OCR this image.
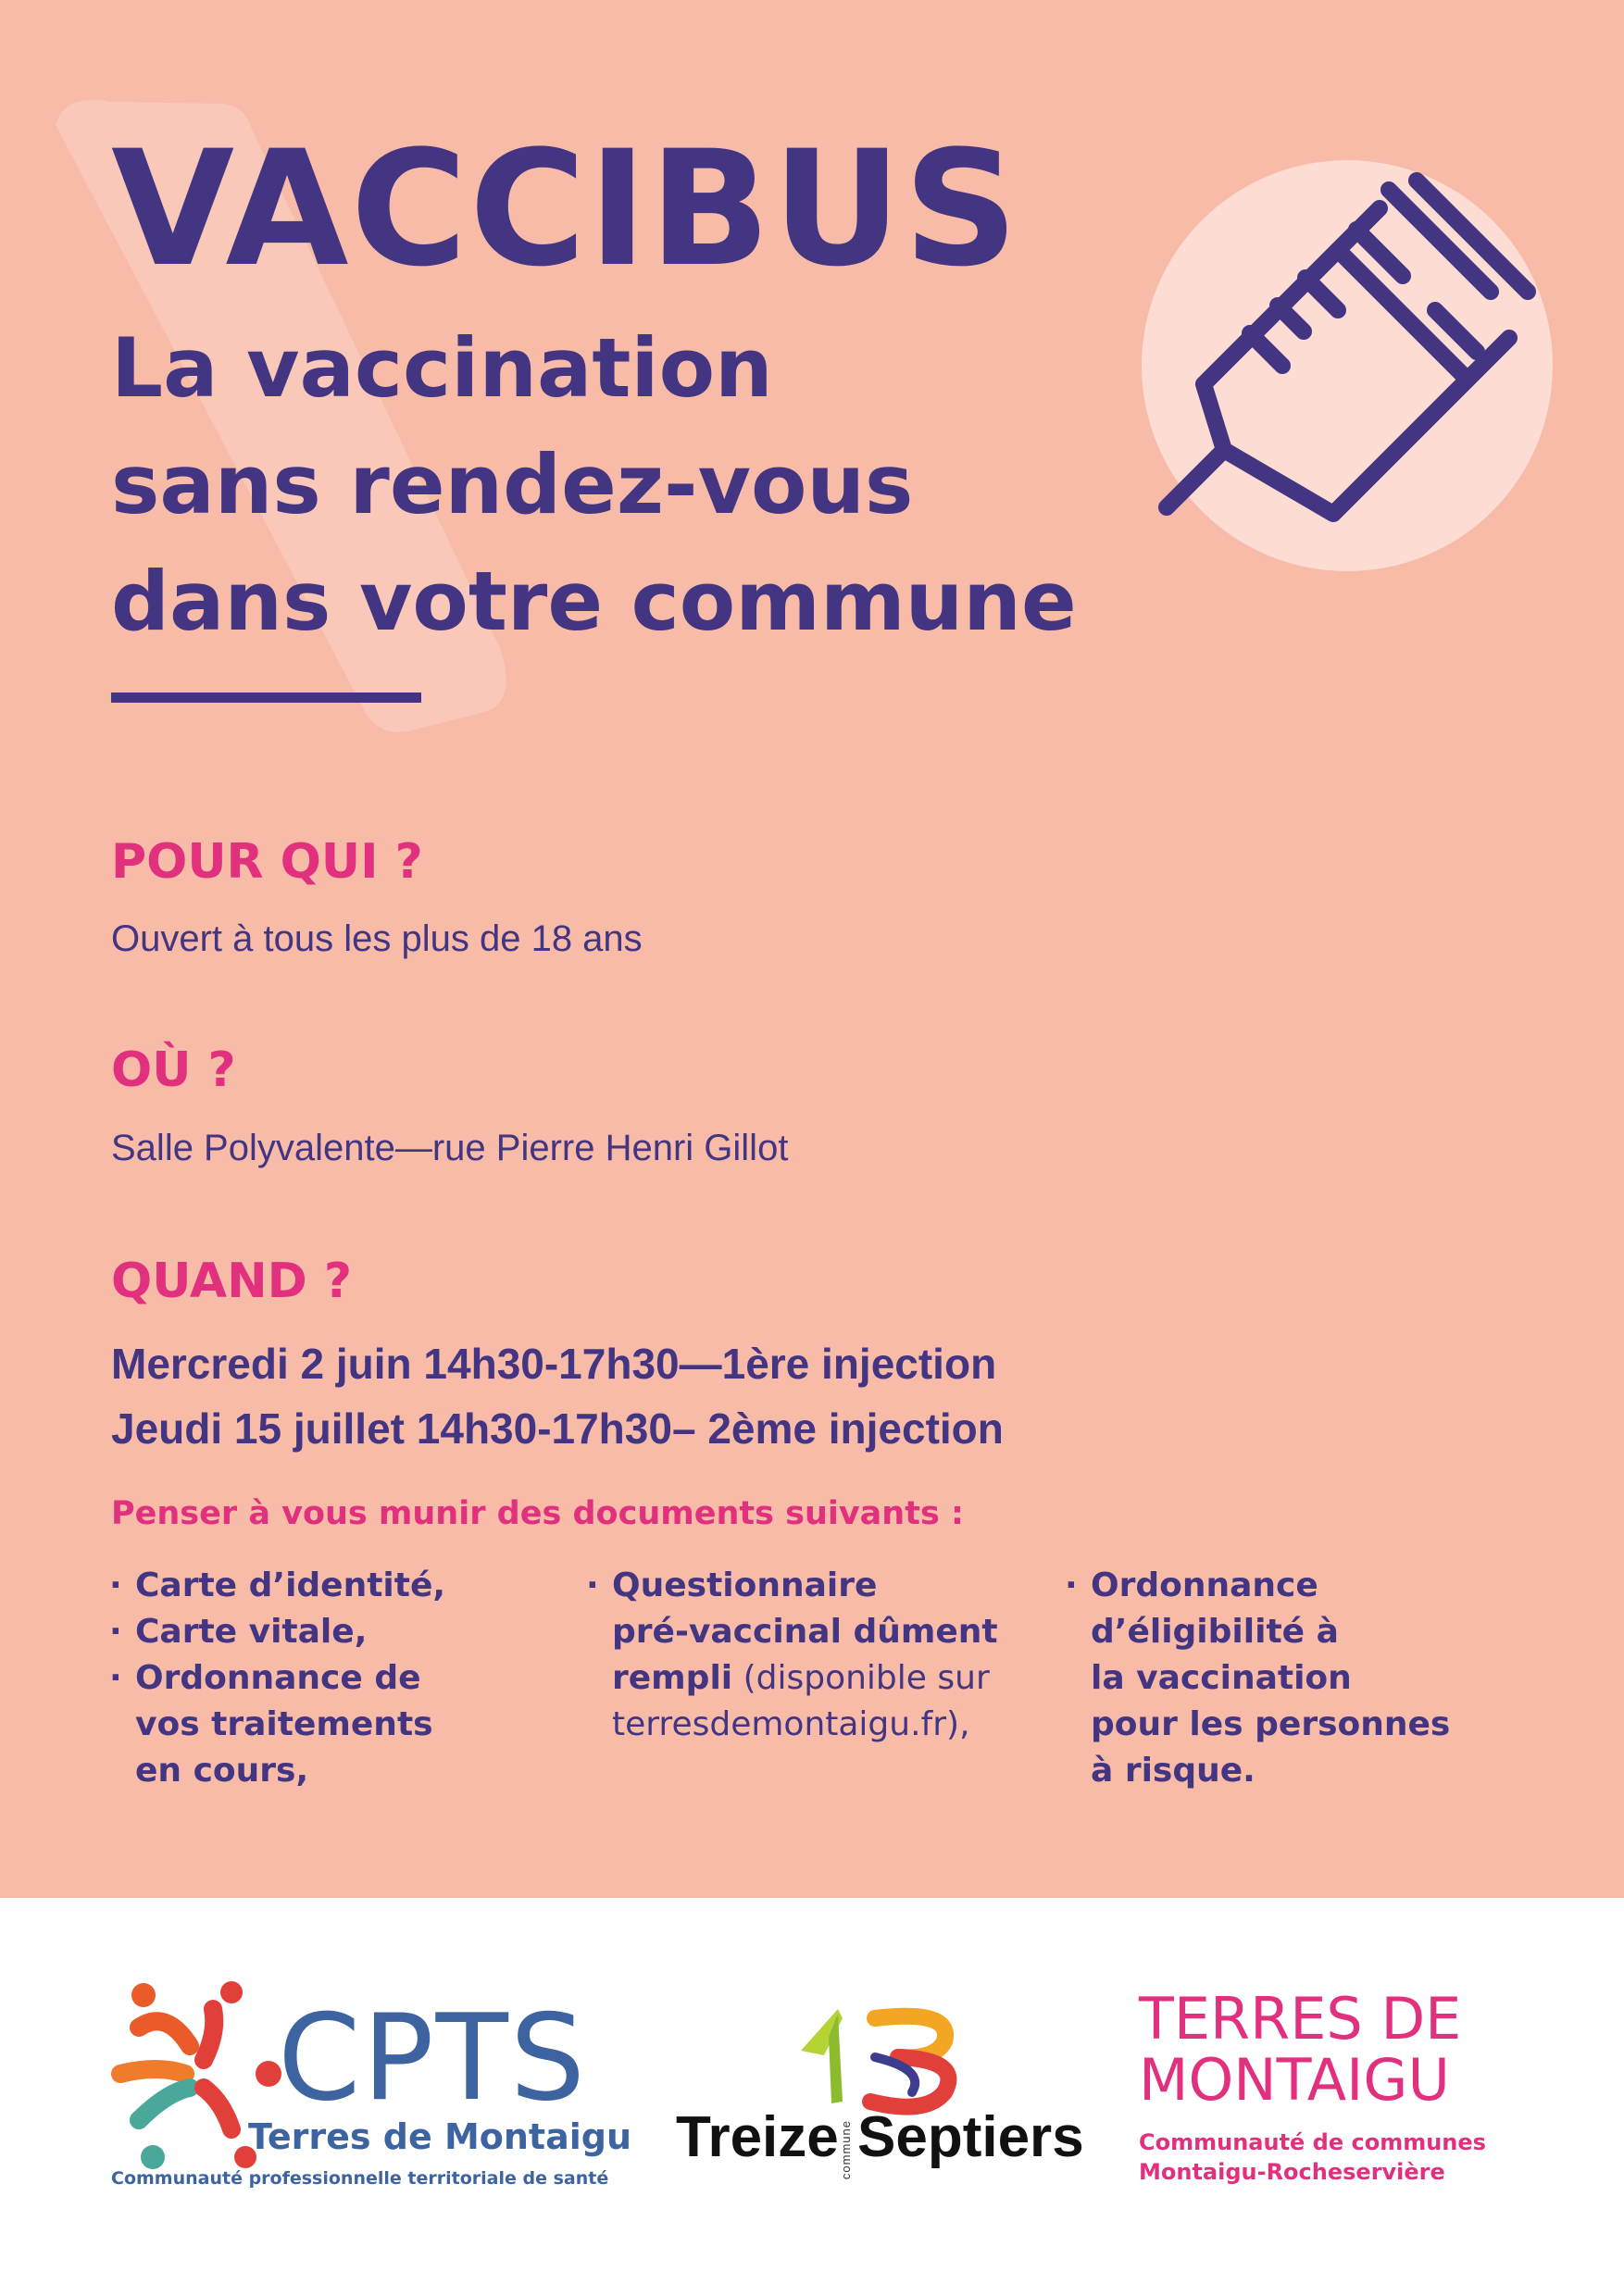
VACCIBUS
La vaccination
sans rendez-vous
dans votre commune
POUR QUI ?

Ouvert à tous les plus de 18 ans

OÙ ?

Salle Polyvalente—rue Pierre Henri Gillot

QUAND ?
Mercredi 2 juin 14h30-17h30—1ère injection
Jeudi 15 juillet 14h30-17h30– 2ème injection

Penser à vous munir des documents suivants :

· Carte d’identité,
· Carte vitale,
· Ordonnance de
vos traitements
en cours,
· Questionnaire
pré-vaccinal dûment
rempli (disponible sur
terresdemontaigu.fr),
· Ordonnance
d’éligibilité à
la vaccination
pour les personnes
à risque.
CPTS
Terres de Montaigu
Communauté professionnelle territoriale de santé
Treize commune Septiers
TERRES DE
MONTAIGU
Communauté de communes
Montaigu-Rocheservière
